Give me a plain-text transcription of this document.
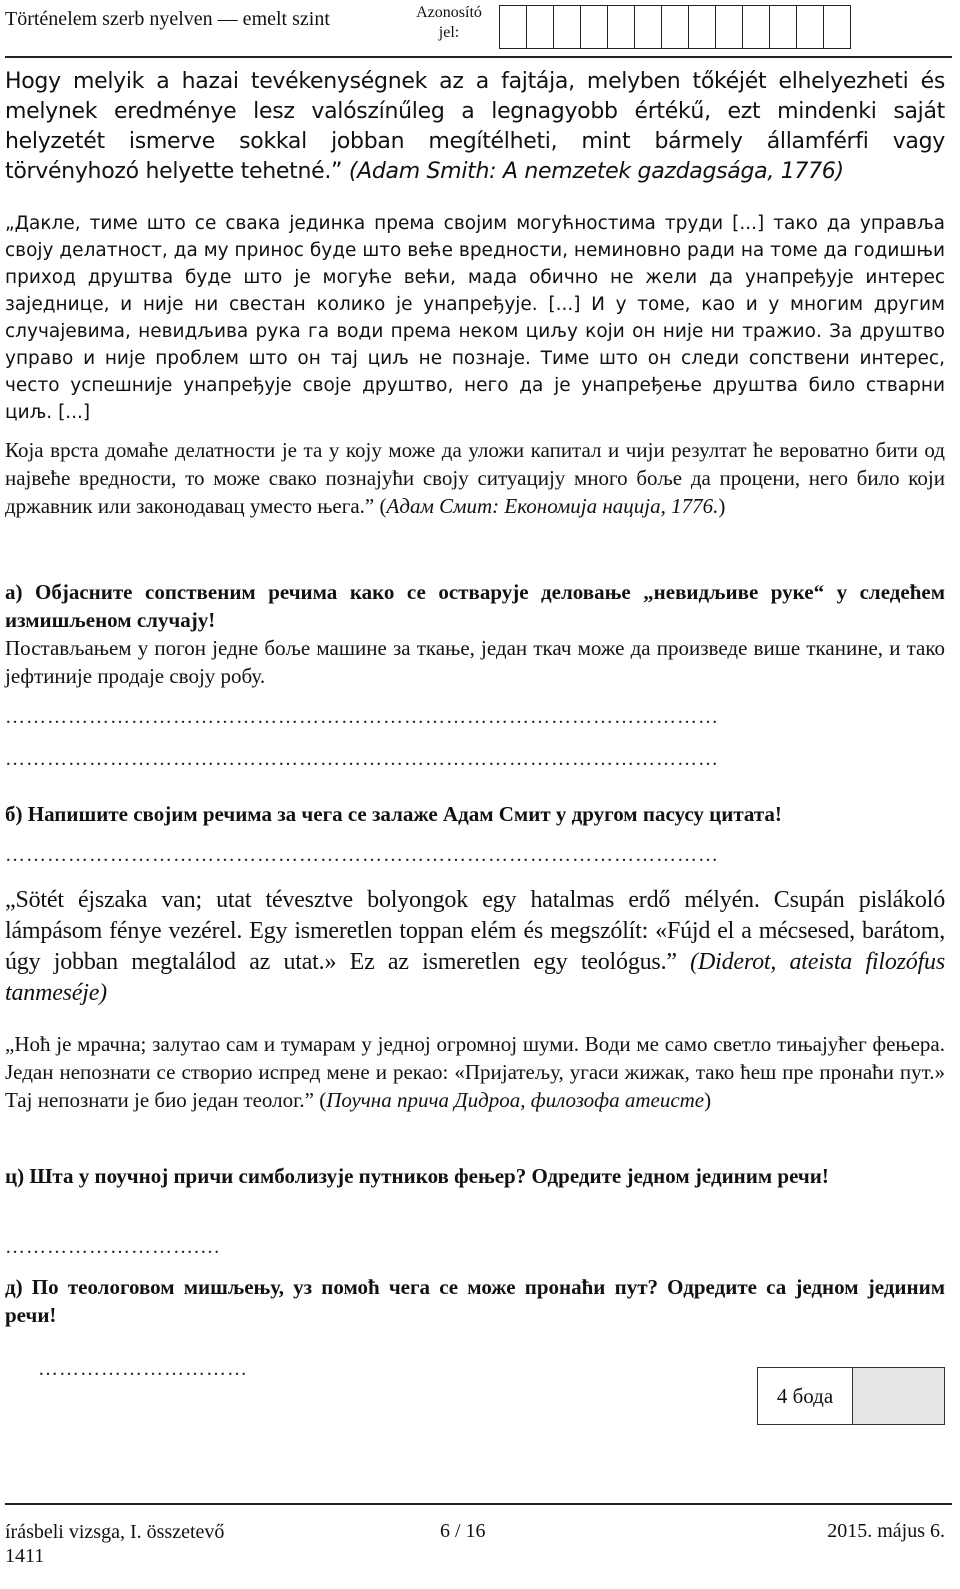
Történelem szerb nyelven — emelt szint	Azonosító
jel:
Hogy melyik a hazai tevékenységnek az a fajtája, melyben tőkéjét elhelyezheti és melynek eredménye lesz valószínűleg a legnagyobb értékű, ezt mindenki saját helyzetét ismerve sokkal jobban megítélheti, mint bármely államférfi vagy törvényhozó helyette tehetné.” (Adam Smith: A nemzetek gazdagsága, 1776)
„Дакле, тиме што се свака јединка према својим могућностима труди [...] тако да управља своју делатност, да му принос буде што веће вредности, неминовно ради на томе да годишњи приход друштва буде што је могуће већи, мада обично не жели да унапређује интерес заједнице, и није ни свестан колико је унапређује. [...] И у томе, као и у многим другим случајевима, невидљива рука га води према неком циљу који он није ни тражио. За друштво управо и није проблем што он тај циљ не познаје. Тиме што он следи сопствени интерес, често успешније унапређује своје друштво, него да је унапређење друштва било стварни циљ. [...]
Која врста домаће делатности је та у коју може да уложи капитал и чији резултат ће вероватно бити од највеће вредности, то може свако познајући своју ситуацију много боље да процени, него било који државник или законодавац уместо њега.” (Адам Смит: Економија нација, 1776.)
а) Објасните сопственим речима како се остварује деловање „невидљиве руке“ у следећем измишљеном случају!
Постављањем у погон једне боље машине за ткање, један ткач може да произведе више тканине, и тако јефтиније продаје своју робу.
…………………………………………………………………………………………
…………………………………………………………………………………………
б) Напишите својим речима за чега се залаже Адам Смит у другом пасусу цитата!
…………………………………………………………………………………………
„Sötét éjszaka van; utat tévesztve bolyongok egy hatalmas erdő mélyén. Csupán pislákoló lámpásom fénye vezérel. Egy ismeretlen toppan elém és megszólít: «Fújd el a mécsesed, barátom, úgy jobban megtalálod az utat.» Ez az ismeretlen egy teológus.” (Diderot, ateista filozófus tanmeséje)
„Ноћ је мрачна; залутао сам и тумарам у једној огромној шуми. Води ме само светло тињајућег фењера. Један непознати се створио испред мене и рекао: «Пријатељу, угаси жижак, тако ћеш пре пронаћи пут.» Тај непознати је био један теолог.” (Поучна прича Дидроа, филозофа атеисте)
ц) Шта у поучној причи симболизује путников фењер? Одредите једном јединим речи!
……………………….…
д) По теологовом мишљењу, уз помоћ чега се може пронаћи пут? Одредите са једном јединим речи!
…………………………
4 бода
írásbeli vizsga, I. összetevő
1411
6 / 16	2015. május 6.
